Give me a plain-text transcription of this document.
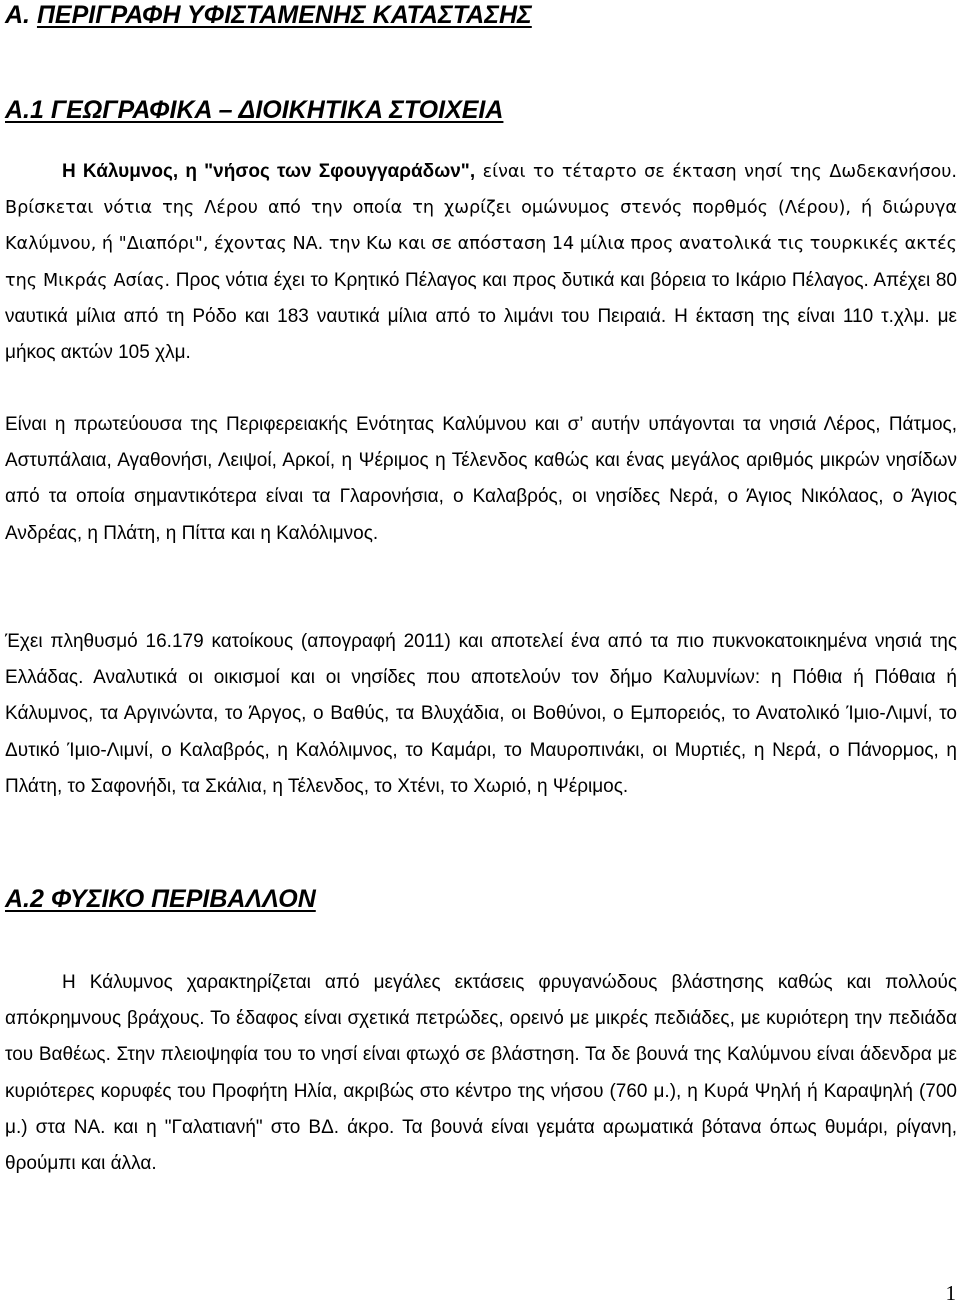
Α. ΠΕΡΙΓΡΑΦΗ ΥΦΙΣΤΑΜΕΝΗΣ ΚΑΤΑΣΤΑΣΗΣ
Α.1 ΓΕΩΓΡΑΦΙΚΑ – ΔΙΟΙΚΗΤΙΚΑ ΣΤΟΙΧΕΙΑ

Η Κάλυμνος, η "νήσος των Σφουγγαράδων", είναι το τέταρτο σε έκταση νησί της Δωδεκανήσου. Βρίσκεται νότια της Λέρου από την οποία τη χωρίζει ομώνυμος στενός πορθμός (Λέρου), ή διώρυγα Καλύμνου, ή "Διαπόρι", έχοντας ΝΑ. την Κω και σε απόσταση 14 μίλια προς ανατολικά τις τουρκικές ακτές της Μικράς Ασίας. Προς νότια έχει το Κρητικό Πέλαγος και προς δυτικά και βόρεια το Ικάριο Πέλαγος. Απέχει 80 ναυτικά μίλια από τη Ρόδο και 183 ναυτικά μίλια από το λιμάνι του Πειραιά. Η έκταση της είναι 110 τ.χλμ. με μήκος ακτών 105 χλμ.

Είναι η πρωτεύουσα της Περιφερειακής Ενότητας Καλύμνου και σ’ αυτήν υπάγονται τα νησιά Λέρος, Πάτμος, Αστυπάλαια, Αγαθονήσι, Λειψοί, Αρκοί, η Ψέριμος η Τέλενδος καθώς και ένας μεγάλος αριθμός μικρών νησίδων από τα οποία σημαντικότερα είναι τα Γλαρονήσια, ο Καλαβρός, οι νησίδες Νερά, ο Άγιος Νικόλαος, ο Άγιος Ανδρέας, η Πλάτη, η Πίττα και η Καλόλιμνος.

Έχει πληθυσμό 16.179 κατοίκους (απογραφή 2011) και αποτελεί ένα από τα πιο πυκνοκατοικημένα νησιά της Ελλάδας. Αναλυτικά οι οικισμοί και οι νησίδες που αποτελούν τον δήμο Καλυμνίων: η Πόθια ή Πόθαια ή Κάλυμνος, τα Αργινώντα, το Άργος, ο Βαθύς, τα Βλυχάδια, οι Βοθύνοι, ο Εμπορειός, το Ανατολικό Ίμιο-Λιμνί, το Δυτικό Ίμιο-Λιμνί, ο Καλαβρός, η Καλόλιμνος, το Καμάρι, το Μαυροπινάκι, οι Μυρτιές, η Νερά, ο Πάνορμος, η Πλάτη, το Σαφονήδι, τα Σκάλια, η Τέλενδος, το Χτένι, το Χωριό, η Ψέριμος.

Α.2 ΦΥΣΙΚΟ ΠΕΡΙΒΑΛΛΟΝ

Η Κάλυμνος χαρακτηρίζεται από μεγάλες εκτάσεις φρυγανώδους βλάστησης καθώς και πολλούς απόκρημνους βράχους. Το έδαφος είναι σχετικά πετρώδες, ορεινό με μικρές πεδιάδες, με κυριότερη την πεδιάδα του Βαθέως. Στην πλειοψηφία του το νησί είναι φτωχό σε βλάστηση. Τα δε βουνά της Καλύμνου είναι άδενδρα με κυριότερες κορυφές του Προφήτη Ηλία, ακριβώς στο κέντρο της νήσου (760 μ.), η Κυρά Ψηλή ή Καραψηλή (700 μ.) στα ΝΑ. και η "Γαλατιανή" στο ΒΔ. άκρο. Τα βουνά είναι γεμάτα αρωματικά βότανα όπως θυμάρι, ρίγανη, θρούμπι και άλλα.

1
